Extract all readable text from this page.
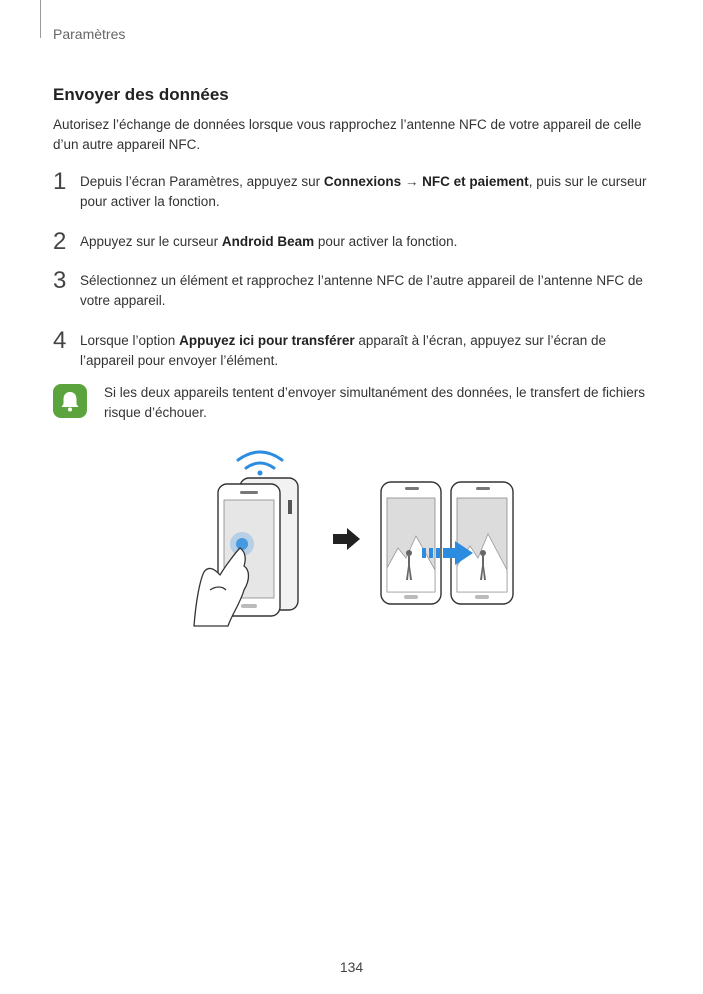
Paramètres
Envoyer des données
Autorisez l’échange de données lorsque vous rapprochez l’antenne NFC de votre appareil de celle d’un autre appareil NFC.
1 Depuis l’écran Paramètres, appuyez sur Connexions → NFC et paiement, puis sur le curseur pour activer la fonction.
2 Appuyez sur le curseur Android Beam pour activer la fonction.
3 Sélectionnez un élément et rapprochez l’antenne NFC de l’autre appareil de l’antenne NFC de votre appareil.
4 Lorsque l’option Appuyez ici pour transférer apparaît à l’écran, appuyez sur l’écran de l’appareil pour envoyer l’élément.
Si les deux appareils tentent d’envoyer simultanément des données, le transfert de fichiers risque d’échouer.
134
